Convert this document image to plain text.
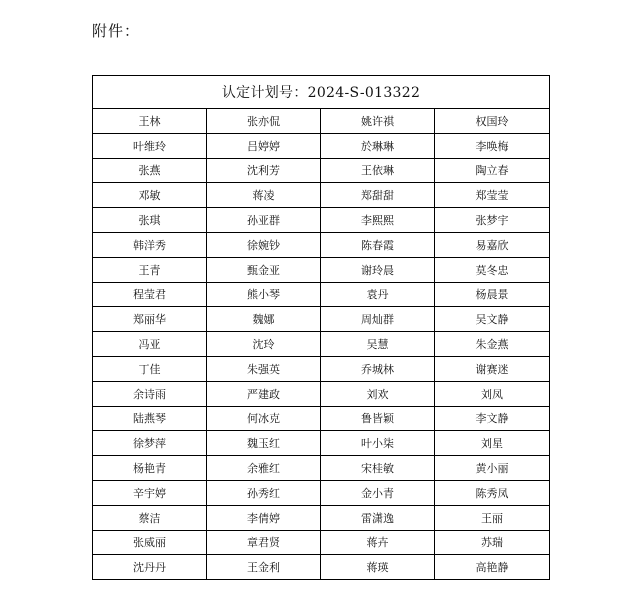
附件：
认定计划号：2024-S-013322			
王林	张亦侃	姚许祺	权国玲
叶维玲	吕婷婷	於琳琳	李唤梅
张燕	沈利芳	王依琳	陶立春
邓敏	蒋凌	郑甜甜	郑莹莹
张琪	孙亚群	李熙熙	张梦宇
韩洋秀	徐婉钞	陈春霞	易嘉欣
王青	甄金亚	谢玲晨	莫冬忠
程莹君	熊小琴	袁丹	杨晨景
郑丽华	魏娜	周灿群	吴文静
冯亚	沈玲	吴慧	朱金燕
丁佳	朱强英	乔城林	谢赛迷
余诗雨	严建政	刘欢	刘凤
陆燕琴	何冰克	鲁皆颖	李文静
徐梦萍	魏玉红	叶小柒	刘星
杨艳青	余雅红	宋桂敏	黄小丽
辛宇婷	孙秀红	金小青	陈秀凤
蔡洁	李倩婷	雷潇逸	王丽
张威丽	章君贤	蒋卉	苏瑞
沈丹丹	王金利	蒋瑛	高艳静
